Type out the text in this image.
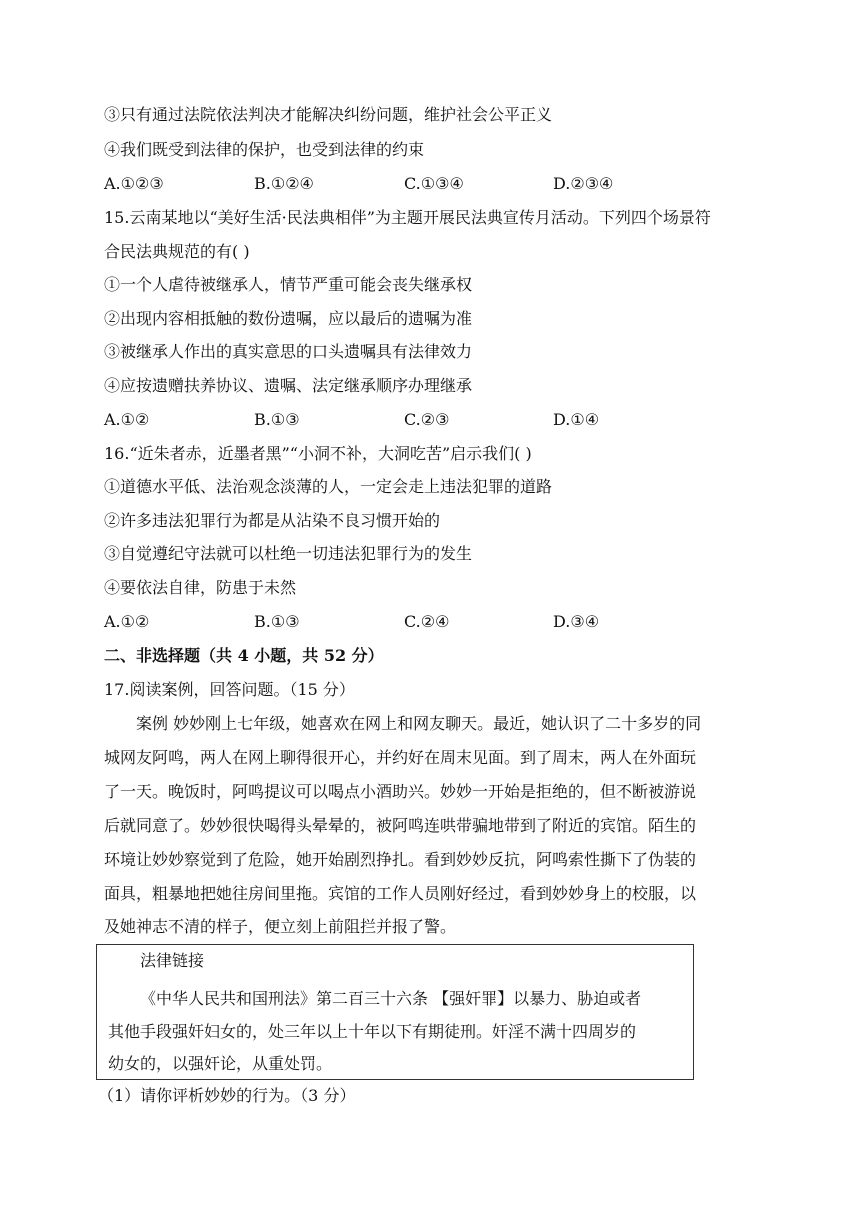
③只有通过法院依法判决才能解决纠纷问题，维护社会公平正义
④我们既受到法律的保护，也受到法律的约束
A.①②③	B.①②④	C.①③④	D.②③④
15.云南某地以“美好生活·民法典相伴”为主题开展民法典宣传月活动。下列四个场景符
合民法典规范的有( )
①一个人虐待被继承人，情节严重可能会丧失继承权
②出现内容相抵触的数份遗嘱，应以最后的遗嘱为准
③被继承人作出的真实意思的口头遗嘱具有法律效力
④应按遗赠扶养协议、遗嘱、法定继承顺序办理继承
A.①②	B.①③	C.②③	D.①④
16.“近朱者赤，近墨者黑”“小洞不补，大洞吃苦”启示我们( )
①道德水平低、法治观念淡薄的人，一定会走上违法犯罪的道路
②许多违法犯罪行为都是从沾染不良习惯开始的
③自觉遵纪守法就可以杜绝一切违法犯罪行为的发生
④要依法自律，防患于未然
A.①②	B.①③	C.②④	D.③④
二、非选择题（共 4 小题，共 52 分）
17.阅读案例，回答问题。（15 分）
案例 妙妙刚上七年级，她喜欢在网上和网友聊天。最近，她认识了二十多岁的同
城网友阿鸣，两人在网上聊得很开心，并约好在周末见面。到了周末，两人在外面玩
了一天。晚饭时，阿鸣提议可以喝点小酒助兴。妙妙一开始是拒绝的，但不断被游说
后就同意了。妙妙很快喝得头晕晕的，被阿鸣连哄带骗地带到了附近的宾馆。陌生的
环境让妙妙察觉到了危险，她开始剧烈挣扎。看到妙妙反抗，阿鸣索性撕下了伪装的
面具，粗暴地把她往房间里拖。宾馆的工作人员刚好经过，看到妙妙身上的校服，以
及她神志不清的样子，便立刻上前阻拦并报了警。
法律链接
《中华人民共和国刑法》第二百三十六条 【强奸罪】以暴力、胁迫或者
其他手段强奸妇女的，处三年以上十年以下有期徒刑。奸淫不满十四周岁的
幼女的，以强奸论，从重处罚。
（1）请你评析妙妙的行为。（3 分）
